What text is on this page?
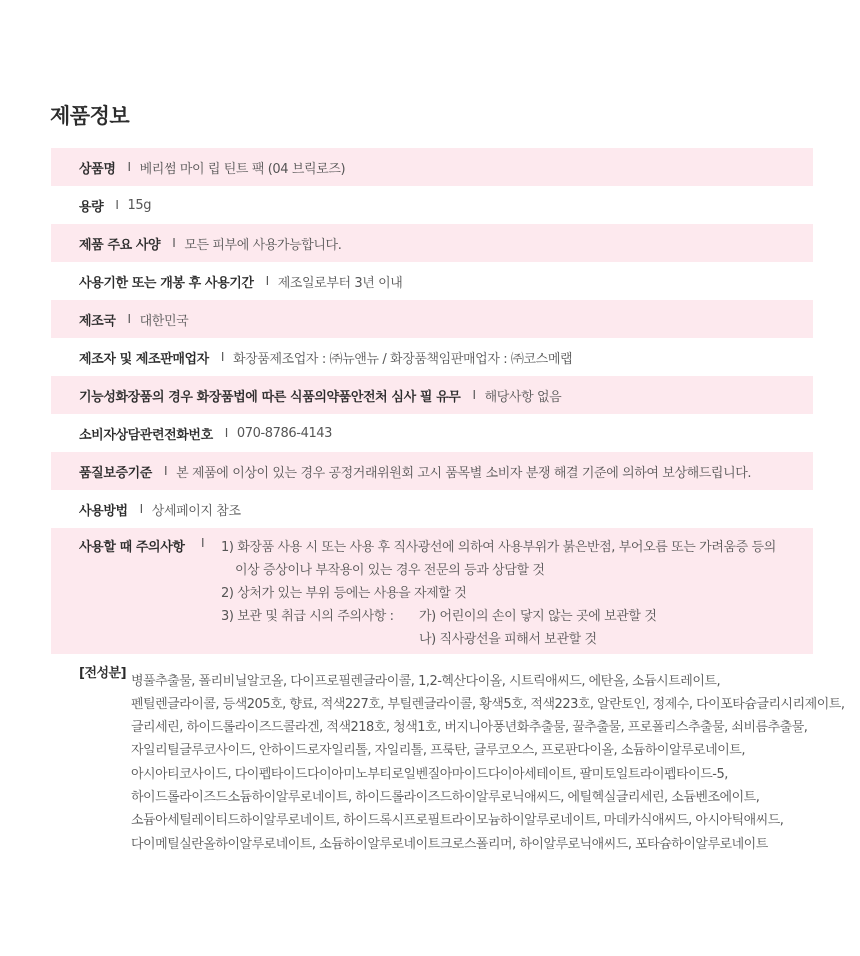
제품정보
상품명 I 베리썸 마이 립 틴트 팩 (04 브릭로즈)
용량 I 15g
제품 주요 사양 I 모든 피부에 사용가능합니다.
사용기한 또는 개봉 후 사용기간 I 제조일로부터 3년 이내
제조국 I 대한민국
제조자 및 제조판매업자 I 화장품제조업자 : ㈜뉴앤뉴 / 화장품책임판매업자 : ㈜코스메랩
기능성화장품의 경우 화장품법에 따른 식품의약품안전처 심사 필 유무 I 해당사항 없음
소비자상담관련전화번호 I 070-8786-4143
품질보증기준 I 본 제품에 이상이 있는 경우 공정거래위원회 고시 품목별 소비자 분쟁 해결 기준에 의하여 보상해드립니다.
사용방법 I 상세페이지 참조
사용할 때 주의사항 I 1) 화장품 사용 시 또는 사용 후 직사광선에 의하여 사용부위가 붉은반점, 부어오름 또는 가려움증 등의
이상 증상이나 부작용이 있는 경우 전문의 등과 상담할 것
2) 상처가 있는 부위 등에는 사용을 자제할 것
3) 보관 및 취급 시의 주의사항 : 가) 어린이의 손이 닿지 않는 곳에 보관할 것
나) 직사광선을 피해서 보관할 것
[전성분]
병풀추출물, 폴리비닐알코올, 다이프로필렌글라이콜, 1,2-헥산다이올, 시트릭애씨드, 에탄올, 소듐시트레이트,
펜틸렌글라이콜, 등색205호, 향료, 적색227호, 부틸렌글라이콜, 황색5호, 적색223호, 알란토인, 정제수, 다이포타슘글리시리제이트,
글리세린, 하이드롤라이즈드콜라겐, 적색218호, 청색1호, 버지니아풍년화추출물, 꿀추출물, 프로폴리스추출물, 쇠비름추출물,
자일리틸글루코사이드, 안하이드로자일리톨, 자일리톨, 프룩탄, 글루코오스, 프로판다이올, 소듐하이알루로네이트,
아시아티코사이드, 다이펩타이드다이아미노부티로일벤질아마이드다이아세테이트, 팔미토일트라이펩타이드-5,
하이드롤라이즈드소듐하이알루로네이트, 하이드롤라이즈드하이알루로닉애씨드, 에틸헥실글리세린, 소듐벤조에이트,
소듐아세틸레이티드하이알루로네이트, 하이드록시프로필트라이모늄하이알루로네이트, 마데카식애씨드, 아시아틱애씨드,
다이메틸실란올하이알루로네이트, 소듐하이알루로네이트크로스폴리머, 하이알루로닉애씨드, 포타슘하이알루로네이트
